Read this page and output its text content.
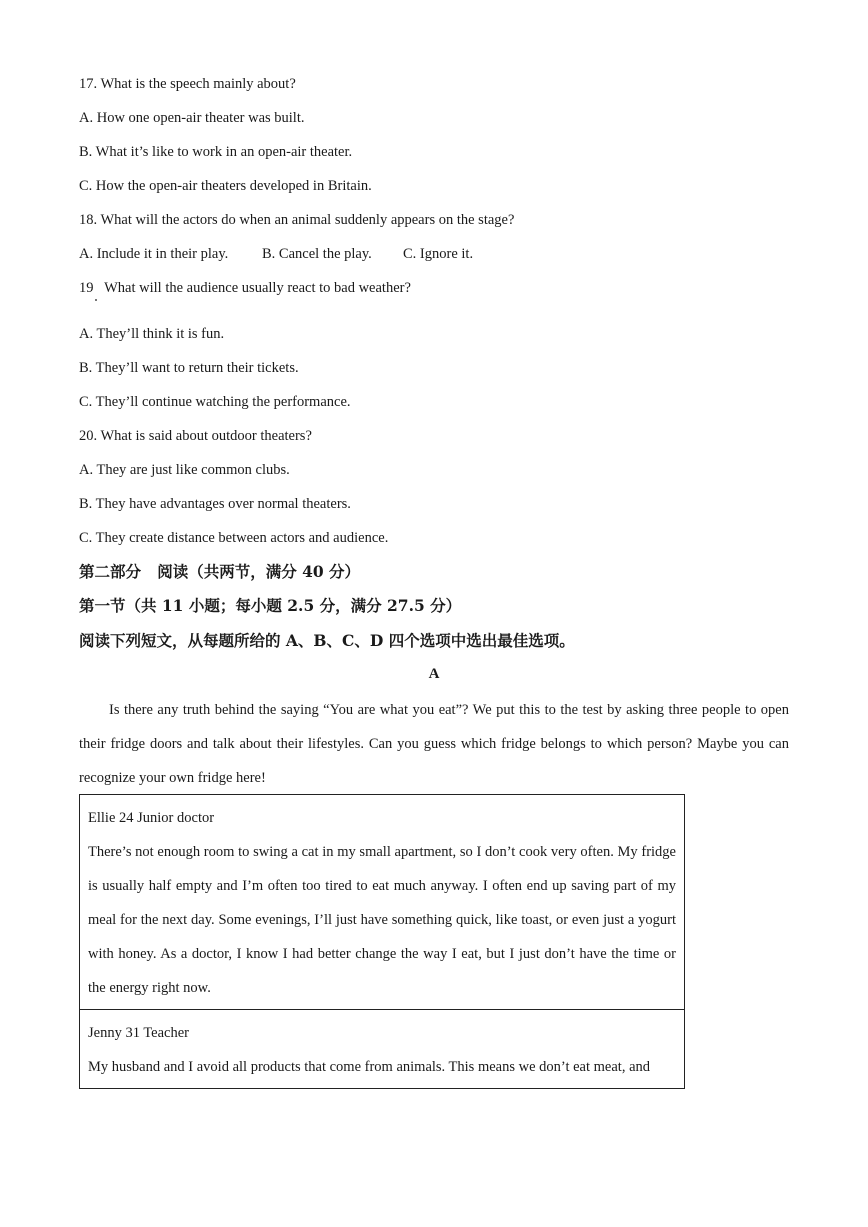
17. What is the speech mainly about?
A. How one open-air theater was built.
B. What it’s like to work in an open-air theater.
C. How the open-air theaters developed in Britain.
18. What will the actors do when an animal suddenly appears on the stage?
A. Include it in their play. B. Cancel the play. C. Ignore it.
19   What will the audience usually react to bad weather?
A. They’ll think it is fun.
B. They’ll want to return their tickets.
C. They’ll continue watching the performance.
20. What is said about outdoor theaters?
A. They are just like common clubs.
B. They have advantages over normal theaters.
C. They create distance between actors and audience.
第二部分   阅读（共两节，满分 40 分）
第一节（共 11 小题；每小题 2.5 分，满分 27.5 分）
阅读下列短文，从每题所给的 A、B、C、D 四个选项中选出最佳选项。
A
Is there any truth behind the saying “You are what you eat”? We put this to the test by asking three people to open their fridge doors and talk about their lifestyles. Can you guess which fridge belongs to which person? Maybe you can recognize your own fridge here!
Ellie 24 Junior doctor
There’s not enough room to swing a cat in my small apartment, so I don’t cook very often. My fridge is usually half empty and I’m often too tired to eat much anyway. I often end up saving part of my meal for the next day. Some evenings, I’ll just have something quick, like toast, or even just a yogurt with honey. As a doctor, I know I had better change the way I eat, but I just don’t have the time or the energy right now.
Jenny 31 Teacher
My husband and I avoid all products that come from animals. This means we don’t eat meat, and
